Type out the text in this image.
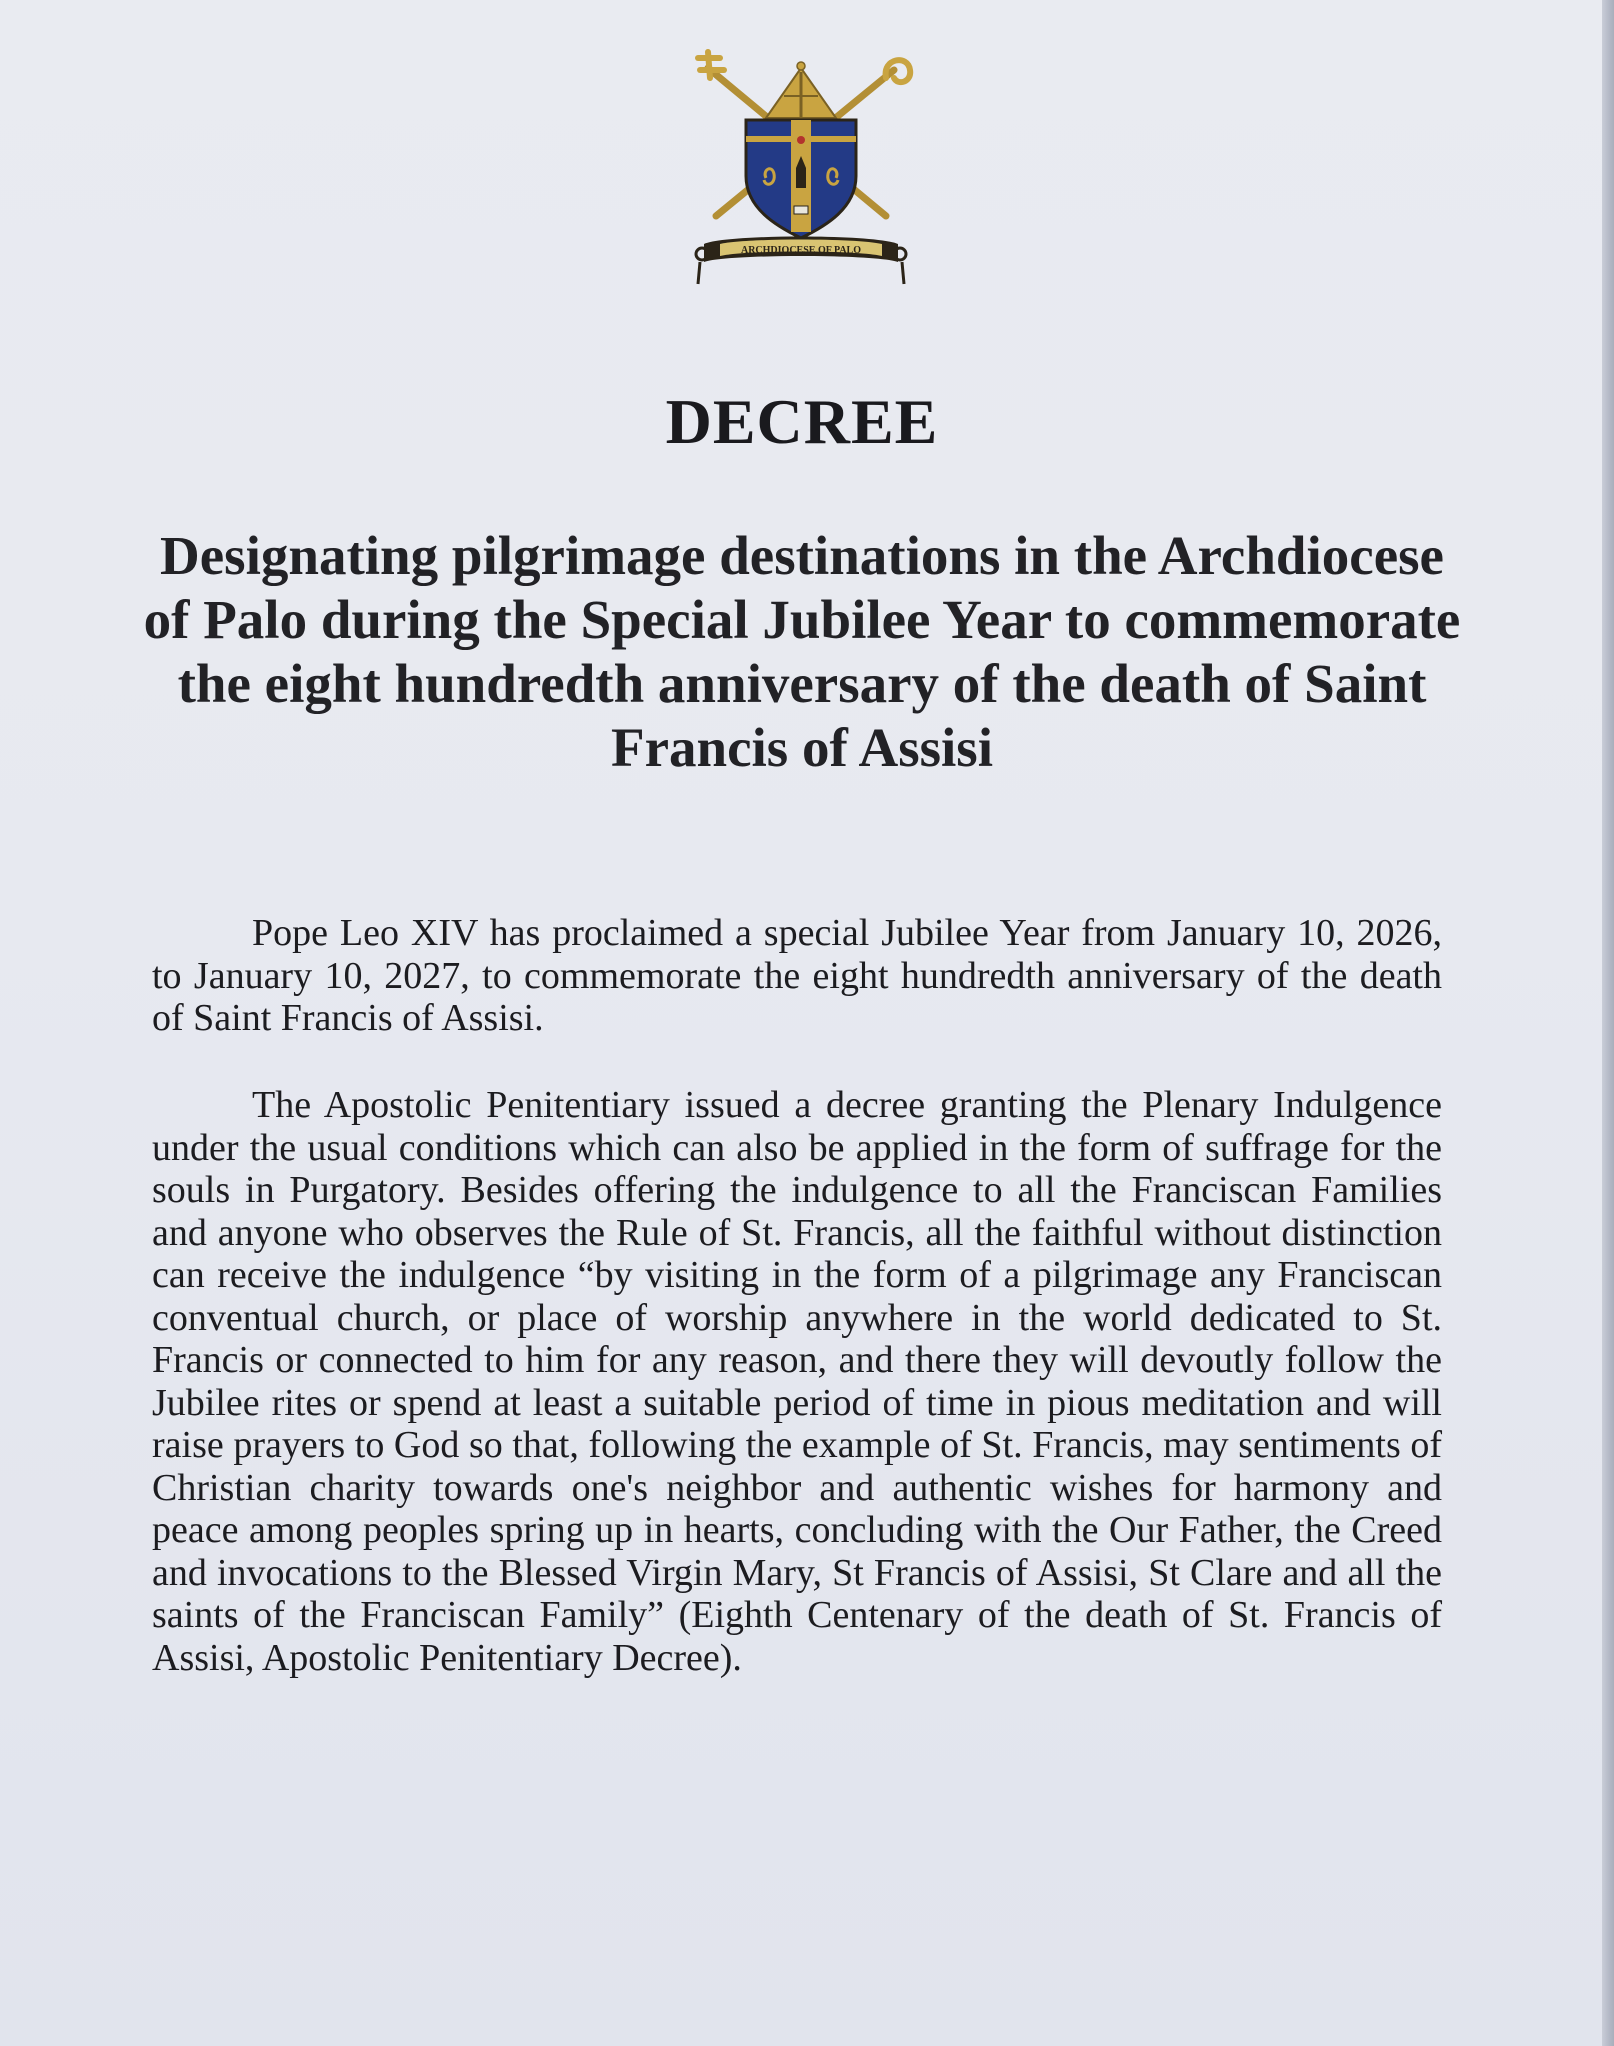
ARCHDIOCESE OF PALO
DECREE
Designating pilgrimage destinations in the Archdiocese of Palo during the Special Jubilee Year to commemorate the eight hundredth anniversary of the death of Saint Francis of Assisi

Pope Leo XIV has proclaimed a special Jubilee Year from January 10, 2026, to January 10, 2027, to commemorate the eight hundredth anniversary of the death of Saint Francis of Assisi.

The Apostolic Penitentiary issued a decree granting the Plenary Indulgence under the usual conditions which can also be applied in the form of suffrage for the souls in Purgatory. Besides offering the indulgence to all the Franciscan Families and anyone who observes the Rule of St. Francis, all the faithful without distinction can receive the indulgence “by visiting in the form of a pilgrimage any Franciscan conventual church, or place of worship anywhere in the world dedicated to St. Francis or connected to him for any reason, and there they will devoutly follow the Jubilee rites or spend at least a suitable period of time in pious meditation and will raise prayers to God so that, following the example of St. Francis, may sentiments of Christian charity towards one's neighbor and authentic wishes for harmony and peace among peoples spring up in hearts, concluding with the Our Father, the Creed and invocations to the Blessed Virgin Mary, St Francis of Assisi, St Clare and all the saints of the Franciscan Family” (Eighth Centenary of the death of St. Francis of Assisi, Apostolic Penitentiary Decree).
